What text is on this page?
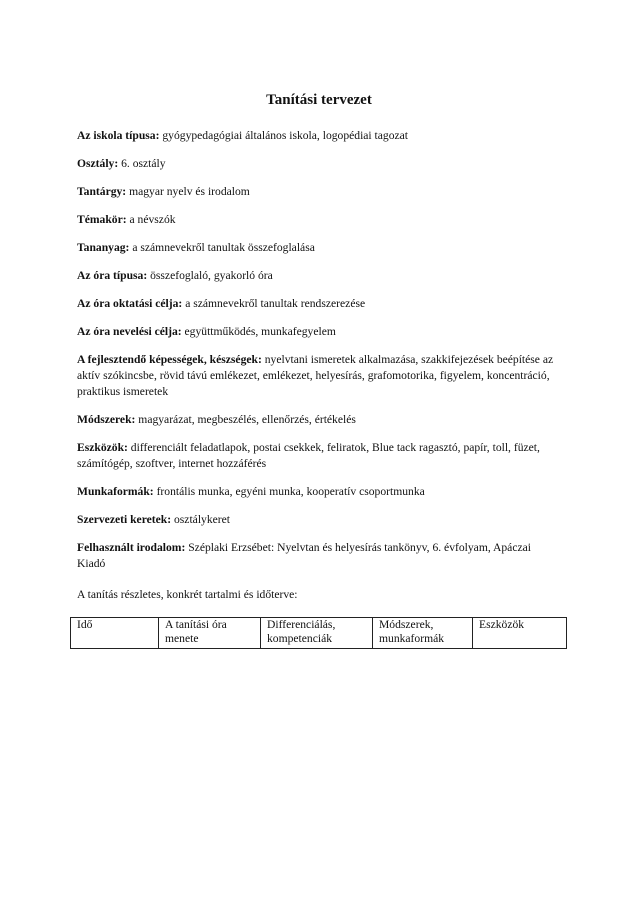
Tanítási tervezet

Az iskola típusa: gyógypedagógiai általános iskola, logopédiai tagozat

Osztály: 6. osztály

Tantárgy: magyar nyelv és irodalom

Témakör: a névszók

Tananyag: a számnevekről tanultak összefoglalása

Az óra típusa: összefoglaló, gyakorló óra

Az óra oktatási célja: a számnevekről tanultak rendszerezése

Az óra nevelési célja: együttműködés, munkafegyelem

A fejlesztendő képességek, készségek: nyelvtani ismeretek alkalmazása, szakkifejezések beépítése az aktív szókincsbe, rövid távú emlékezet, emlékezet, helyesírás, grafomotorika, figyelem, koncentráció, praktikus ismeretek

Módszerek: magyarázat, megbeszélés, ellenőrzés, értékelés

Eszközök: differenciált feladatlapok, postai csekkek, feliratok, Blue tack ragasztó, papír, toll, füzet, számítógép, szoftver, internet hozzáférés

Munkaformák: frontális munka, egyéni munka, kooperatív csoportmunka

Szervezeti keretek: osztálykeret

Felhasznált irodalom: Széplaki Erzsébet: Nyelvtan és helyesírás tankönyv, 6. évfolyam, Apáczai Kiadó

A tanítás részletes, konkrét tartalmi és időterve:
Idő	A tanítási óra menete	Differenciálás, kompetenciák	Módszerek, munkaformák	Eszközök
